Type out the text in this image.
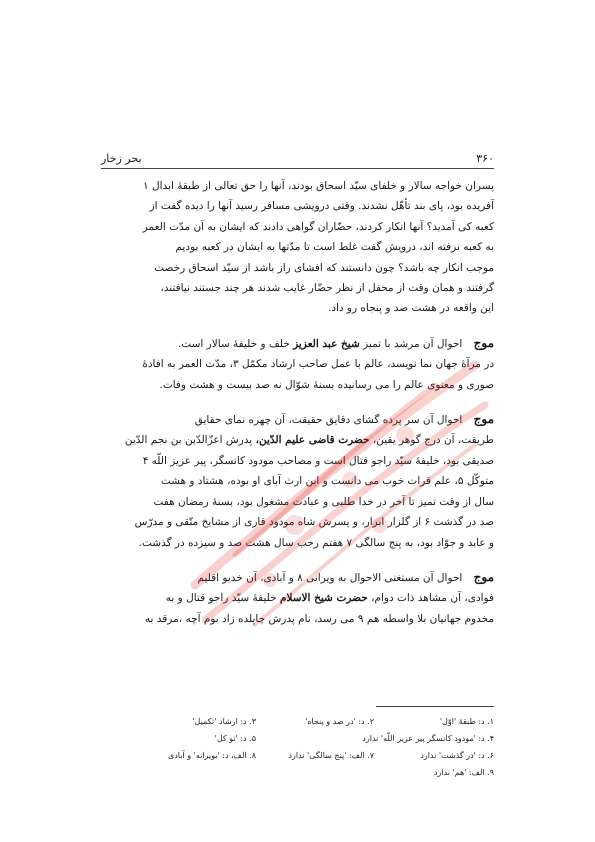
۳۶۰
بحر زخار

پسران خواجه سالار و خلفای سیّد اسحاق بودند، آنها را حق تعالی از طبقۀ ابدال ۱
آفریده بود، پای بند تأهّل نشدند. وقتی درویشی مسافر رسید آنها را دیده گفت از
کعبه کی آمدید؟ آنها انکار کردند، حضّاران گواهی دادند که ایشان به آن مدّت العمر
به کعبه نرفته اند، درویش گفت غلط است تا مدّتها به ایشان در کعبه بودیم
موجب انکار چه باشد؟ چون دانستند که افشای راز باشد از سیّد اسحاق رخصت
گرفتند و همان وقت از محفل از نظر حضّار غایب شدند هر چند جستند نیافتند،
این واقعه در هشت صد و پنجاه رو داد.

موج احوال آن مرشد با تمیز شیخ عبد العزیز خلف و خلیفۀ سالار است.
در مرآۀ جهان نما نویسد، عالم با عمل صاحب ارشاد مکمّل ۳، مدّت العمر به افادۀ
صوری و معنوی عالم را می رسانیده بسنۀ شوّال نه صد بیست و هشت وفات.

موج احوال آن سر پرده گشای دقایق حقیقت، آن چهره نمای حقایق
طریقت، آن درج گوهر یقین، حضرت قاضی علیم الدّین، پدرش اعزّالدّین بن نجم الدّین
صدیقی بود، خلیفۀ سیّد راجو قتال است و مصاحب مودود کانسگر، پیر عزیز اللّه ۴
متوکّل ۵، علم قرات خوب می دانست و ابن ارث آبای او بوده، هشتاد و هشت
سال از وقت تمیز تا آخر در خدا طلبی و عبادت مشغول بود، بسنۀ رمضان هفت
صد در گذشت ۶ از گلزار ابرار، و پسرش شاه مودود قاری از مشایخ متّقی و مدرّس
و عابد و جوّاد بود، به پنج سالگی ۷ هفتم رجب سال هشت صد و سیزده در گذشت.

موج احوال آن مستغنی الاحوال به ویرانی ۸ و آبادی، آن خدیو اقلیم
فوادی، آن مشاهد ذات دوام، حضرت شیخ الاسلام خلیفۀ سیّد راجو قتال و به
مخدوم جهانیان بلا واسطه هم ۹ می رسد، نام پدرش چاپلده زاد بوم آچه ،مرقد به

۱. د: طبقۀ 'اوّل'
۲. د: 'در صد و پنجاه'
۳. د: ارشاد 'تکمیل'
۴. د: 'مودود کانسگر پیر عزیز اللّه' ندارد
۵. د: 'تو کل'
۶. د: 'در گذشت' ندارد
۷. الف: 'پنج سالگی' ندارد
۸. الف، د: 'بویرانه' و آبادی
۹. الف: 'هم' ندارد
